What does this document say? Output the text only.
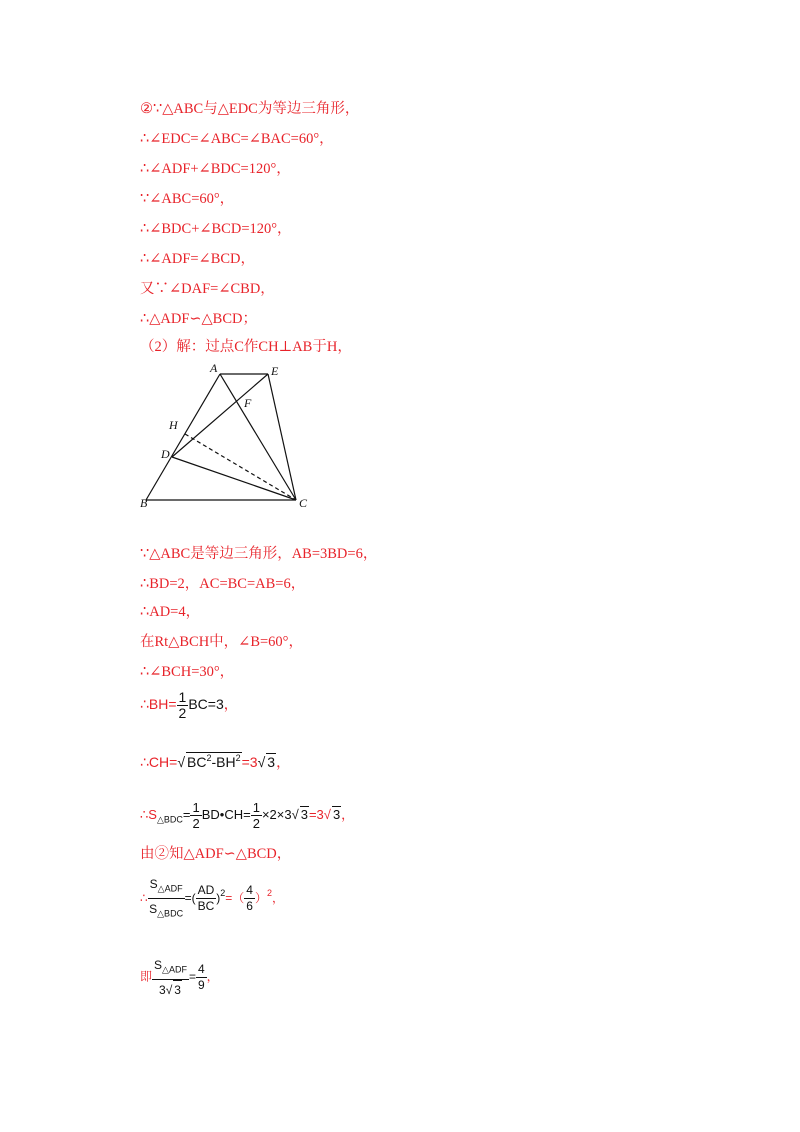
②∵△ABC与△EDC为等边三角形，
∴∠EDC=∠ABC=∠BAC=60°，
∴∠ADF+∠BDC=120°，
∵∠ABC=60°，
∴∠BDC+∠BCD=120°，
∴∠ADF=∠BCD，
又∵∠DAF=∠CBD，
∴△ADF∽△BCD；
（2）解：过点C作CH⊥AB于H，
A	E
F
H
D
B	C
∵△ABC是等边三角形，AB=3BD=6，
∴BD=2，AC=BC=AB=6，
∴AD=4，
在Rt△BCH中，∠B=60°，
∴∠BCH=30°，
∴BH= $\frac{1}{2} BC=3$，
∴CH=√ $BC^2-BH^2=3√$ 3，
$\therefore S_{\triangle BDC}= \frac{1}{2}$ BD•CH= $\frac{1}{2} \times 2\times 3√$ 3=3√ 3，
由②知△ADF∽△BCD，
∴ $\frac{S_{\triangle ADF}}{S_{\triangle BDC}}$ =( $\frac{AD}{BC} )^2=( \frac{4}{6} )^2$，
即 $\frac{S_{\triangle ADF}}{3√ 3} = \frac{4}{9}$ ，
